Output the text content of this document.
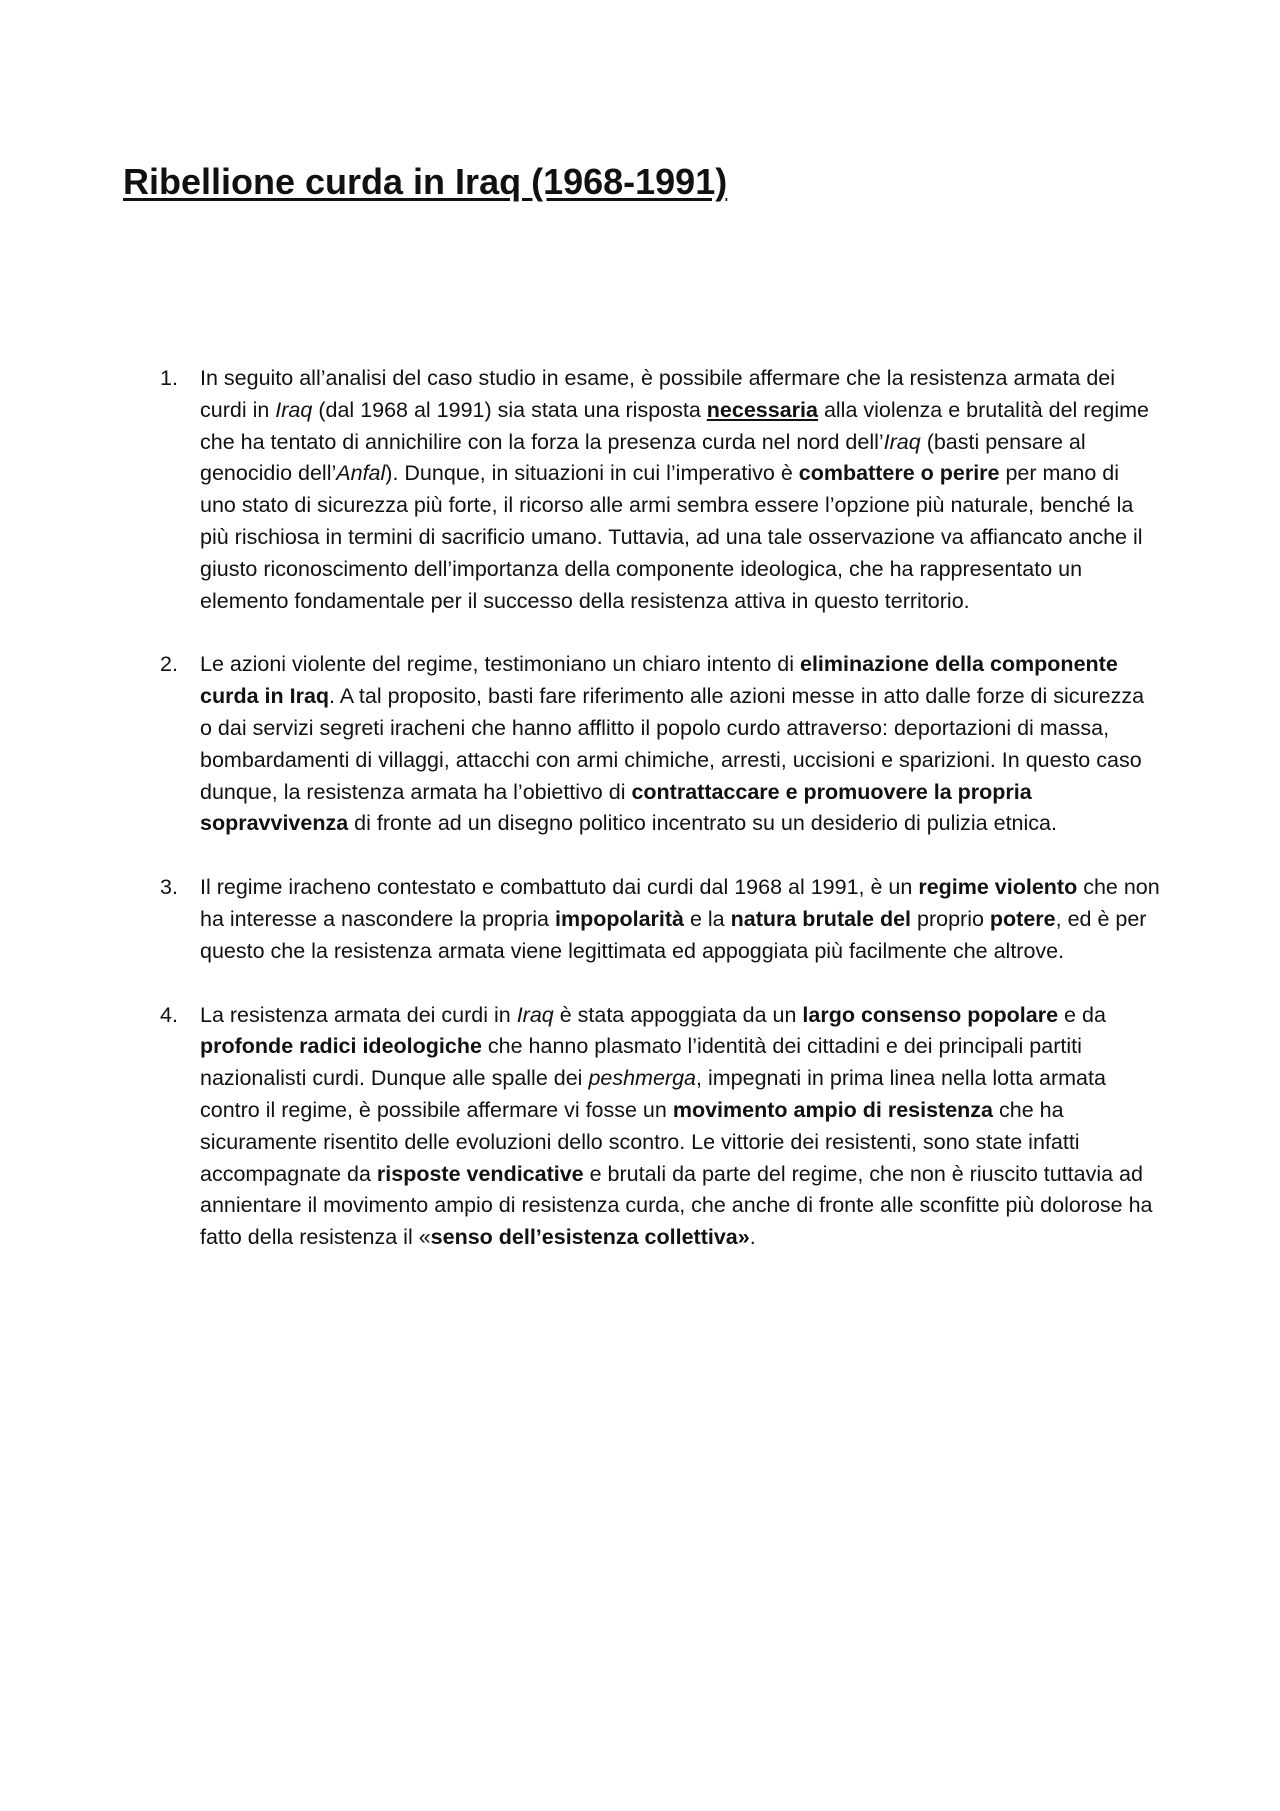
Ribellione curda in Iraq (1968-1991)
1. In seguito all’analisi del caso studio in esame, è possibile affermare che la resistenza armata dei curdi in Iraq (dal 1968 al 1991) sia stata una risposta necessaria alla violenza e brutalità del regime che ha tentato di annichilire con la forza la presenza curda nel nord dell’Iraq (basti pensare al genocidio dell’Anfal). Dunque, in situazioni in cui l’imperativo è combattere o perire per mano di uno stato di sicurezza più forte, il ricorso alle armi sembra essere l’opzione più naturale, benché la più rischiosa in termini di sacrificio umano. Tuttavia, ad una tale osservazione va affiancato anche il giusto riconoscimento dell’importanza della componente ideologica, che ha rappresentato un elemento fondamentale per il successo della resistenza attiva in questo territorio.
2. Le azioni violente del regime, testimoniano un chiaro intento di eliminazione della componente curda in Iraq. A tal proposito, basti fare riferimento alle azioni messe in atto dalle forze di sicurezza o dai servizi segreti iracheni che hanno afflitto il popolo curdo attraverso: deportazioni di massa, bombardamenti di villaggi, attacchi con armi chimiche, arresti, uccisioni e sparizioni. In questo caso dunque, la resistenza armata ha l’obiettivo di contrattaccare e promuovere la propria sopravvivenza di fronte ad un disegno politico incentrato su un desiderio di pulizia etnica.
3. Il regime iracheno contestato e combattuto dai curdi dal 1968 al 1991, è un regime violento che non ha interesse a nascondere la propria impopolarità e la natura brutale del proprio potere, ed è per questo che la resistenza armata viene legittimata ed appoggiata più facilmente che altrove.
4. La resistenza armata dei curdi in Iraq è stata appoggiata da un largo consenso popolare e da profonde radici ideologiche che hanno plasmato l’identità dei cittadini e dei principali partiti nazionalisti curdi. Dunque alle spalle dei peshmerga, impegnati in prima linea nella lotta armata contro il regime, è possibile affermare vi fosse un movimento ampio di resistenza che ha sicuramente risentito delle evoluzioni dello scontro. Le vittorie dei resistenti, sono state infatti accompagnate da risposte vendicative e brutali da parte del regime, che non è riuscito tuttavia ad annientare il movimento ampio di resistenza curda, che anche di fronte alle sconfitte più dolorose ha fatto della resistenza il «senso dell’esistenza collettiva».
